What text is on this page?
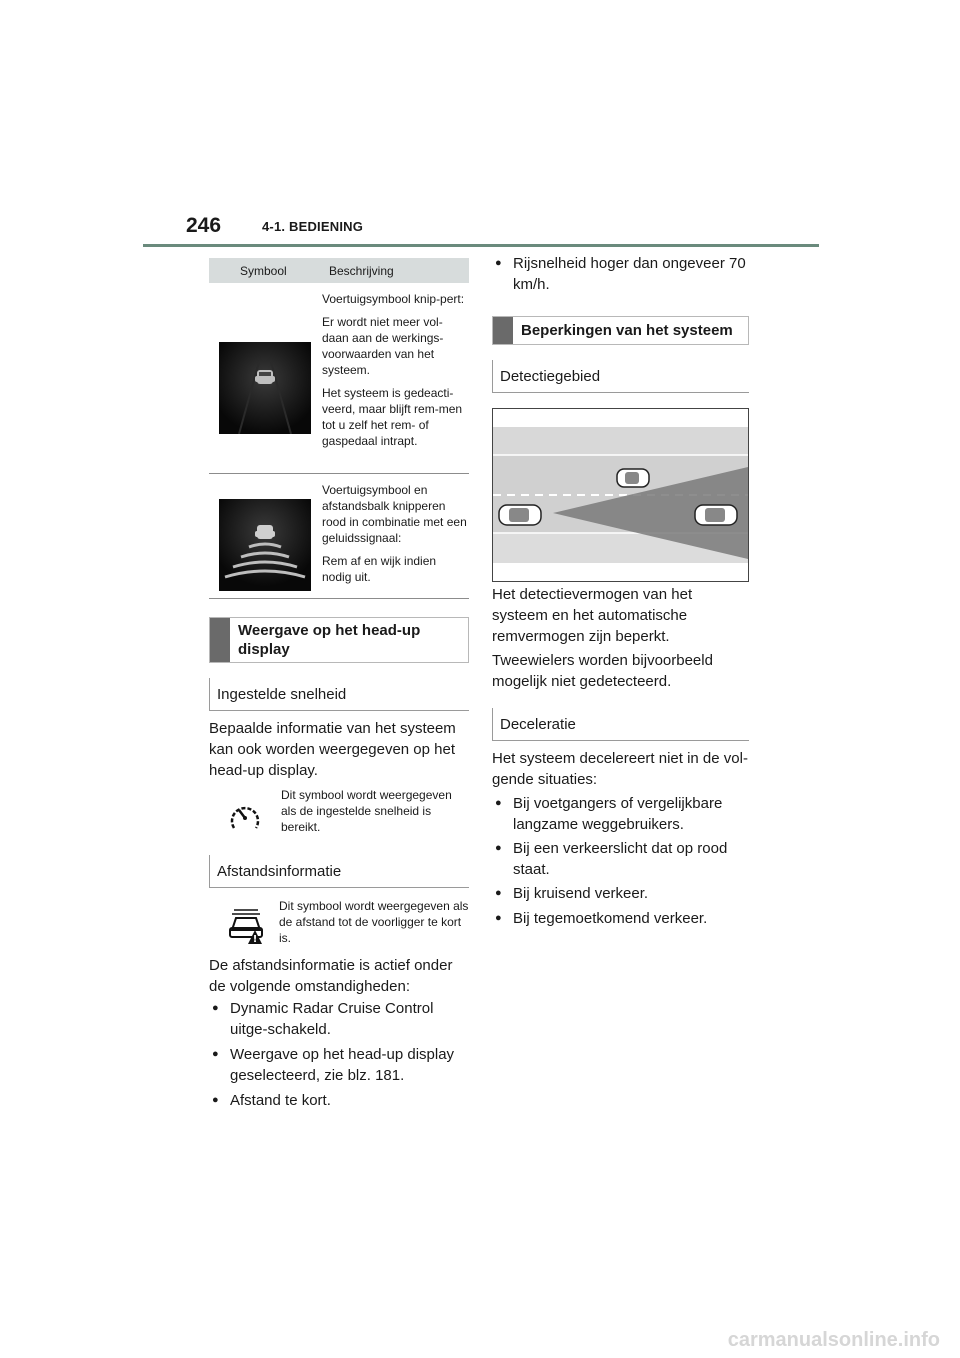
246	4-1. BEDIENING
Symbool	Beschrijving

Voertuigsymbool knip-pert:

Er wordt niet meer vol-daan aan de werkings-voorwaarden van het systeem.

Het systeem is gedeacti-veerd, maar blijft rem-men tot u zelf het rem- of gaspedaal intrapt.

Voertuigsymbool en afstandsbalk knipperen rood in combinatie met een geluidssignaal:

Rem af en wijk indien nodig uit.

Weergave op het head-up display
Ingestelde snelheid
Bepaalde informatie van het systeem kan ook worden weergegeven op het head-up display.
Dit symbool wordt weergegeven als de ingestelde snelheid is bereikt.
Afstandsinformatie
!
Dit symbool wordt weergegeven als de afstand tot de voorligger te kort is.
De afstandsinformatie is actief onder de volgende omstandigheden:
● Dynamic Radar Cruise Control uitge-schakeld.
● Weergave op het head-up display geselecteerd, zie blz. 181.
● Afstand te kort.
● Rijsnelheid hoger dan ongeveer 70 km/h.
Beperkingen van het systeem
Detectiegebied
Het detectievermogen van het systeem en het automatische remvermogen zijn beperkt.
Tweewielers worden bijvoorbeeld mogelijk niet gedetecteerd.
Deceleratie
Het systeem decelereert niet in de vol-gende situaties:
● Bij voetgangers of vergelijkbare langzame weggebruikers.
● Bij een verkeerslicht dat op rood staat.
● Bij kruisend verkeer.
● Bij tegemoetkomend verkeer.
carmanualsonline.info
